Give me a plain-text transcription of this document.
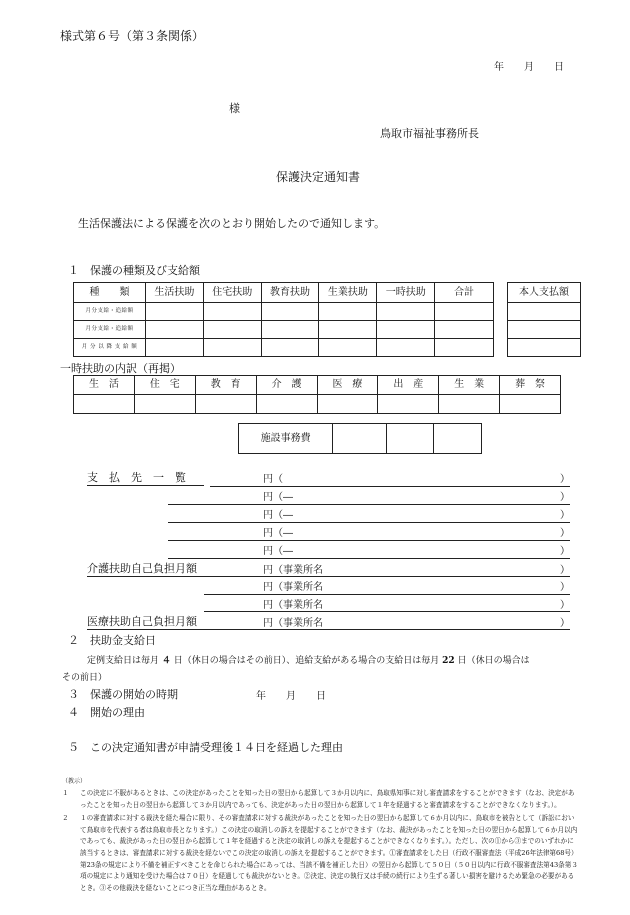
様式第６号（第３条関係）
年　　月　　日
様
鳥取市福祉事務所長
保護決定通知書
生活保護法による保護を次のとおり開始したので通知します。
１　保護の種類及び支給額
種　　類	生活扶助	住宅扶助	教育扶助	生業扶助	一時扶助	合計
月分支給・追給額						
月分支給・追給額						
月 分 以 降 支 給 額						
本人支払額

一時扶助の内訳（再掲）
生　活	住　宅	教　育	介　護	医　療	出　産	生　業	葬　祭

施設事務費			
支　払　先　一　覧	円（	）
円（―	）
円（―	）
円（―	）
円（―	）
介護扶助自己負担月額	円（事業所名	）
円（事業所名	）
円（事業所名	）
医療扶助自己負担月額	円（事業所名	）
２　扶助金支給日
定例支給日は毎月 ４ 日（休日の場合はその前日）、追給支給がある場合の支給日は毎月 22 日（休日の場合は
その前日）
３　保護の開始の時期	年　　月　　日
４　開始の理由
５　この決定通知書が申請受理後１４日を経過した理由
（教示）
１ この決定に不服があるときは、この決定があったことを知った日の翌日から起算して３か月以内に、鳥取県知事に対し審査請求をすることができます（なお、決定があったことを知った日の翌日から起算して３か月以内であっても、決定があった日の翌日から起算して１年を経過すると審査請求をすることができなくなります。）。
２ １の審査請求に対する裁決を経た場合に限り、その審査請求に対する裁決があったことを知った日の翌日から起算して６か月以内に、鳥取市を被告として（訴訟において鳥取市を代表する者は鳥取市長となります。）この決定の取消しの訴えを提起することができます（なお、裁決があったことを知った日の翌日から起算して６か月以内であっても、裁決があった日の翌日から起算して１年を経過すると決定の取消しの訴えを提起することができなくなります。）。ただし、次の①から③までのいずれかに該当するときは、審査請求に対する裁決を経ないでこの決定の取消しの訴えを提起することができます。①審査請求をした日（行政不服審査法（平成26年法律第68号）第23条の規定により不備を補正すべきことを命じられた場合にあっては、当該不備を補正した日）の翌日から起算して５０日（５０日以内に行政不服審査法第43条第３項の規定により通知を受けた場合は７０日）を経過しても裁決がないとき。②決定、決定の執行又は手続の続行により生ずる著しい損害を避けるため緊急の必要があるとき。③その他裁決を経ないことにつき正当な理由があるとき。
